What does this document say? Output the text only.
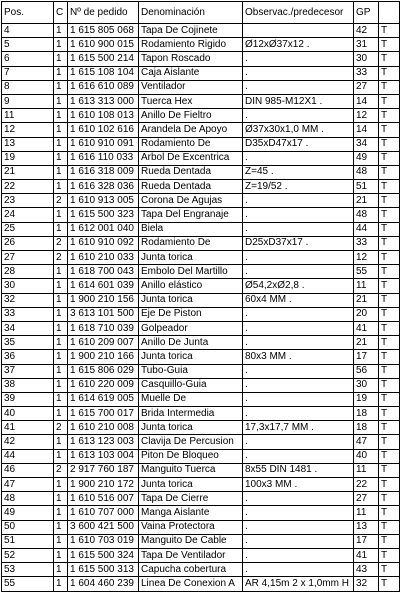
Pos.	C	Nº de pedido	Denominación	Observac./predecesor	GP	
4	1	1 615 805 068	Tapa De Cojinete		42	T
5	1	1 610 900 015	Rodamiento Rigido	Ø12xØ37x12 .	31	T
6	1	1 615 500 214	Tapon Roscado	.	30	T
7	1	1 615 108 104	Caja Aislante	.	33	T
8	1	1 616 610 089	Ventilador	.	27	T
9	1	1 613 313 000	Tuerca Hex	DIN 985-M12X1 .	14	T
11	1	1 610 108 013	Anillo De Fieltro	.	12	T
12	1	1 610 102 616	Arandela De Apoyo	Ø37x30x1,0 MM .	14	T
13	1	1 610 910 091	Rodamiento De	D35xD47x17 .	34	T
19	1	1 616 110 033	Arbol De Excentrica	.	49	T
21	1	1 616 318 009	Rueda Dentada	Z=45 .	48	T
22	1	1 616 328 036	Rueda Dentada	Z=19/52 .	51	T
23	2	1 610 913 005	Corona De Agujas	.	21	T
24	1	1 615 500 323	Tapa Del Engranaje	.	48	T
25	1	1 612 001 040	Biela	.	44	T
26	2	1 610 910 092	Rodamiento De	D25xD37x17 .	33	T
27	2	1 610 210 033	Junta torica	.	12	T
28	1	1 618 700 043	Embolo Del Martillo	.	55	T
30	1	1 614 601 039	Anillo elástico	Ø54,2xØ2,8 .	11	T
32	1	1 900 210 156	Junta torica	60x4 MM .	21	T
33	1	3 613 101 500	Eje De Piston	.	20	T
34	1	1 618 710 039	Golpeador	.	41	T
35	1	1 610 209 007	Anillo De Junta	.	21	T
36	1	1 900 210 166	Junta torica	80x3 MM .	17	T
37	1	1 615 806 029	Tubo-Guia	.	56	T
38	1	1 610 220 009	Casquillo-Guia	.	30	T
39	1	1 614 619 005	Muelle De	.	19	T
40	1	1 615 700 017	Brida Intermedia	.	18	T
41	2	1 610 210 008	Junta torica	17,3x17,7 MM .	18	T
42	1	1 613 123 003	Clavija De Percusion	.	47	T
44	1	1 613 103 004	Piton De Bloqueo	.	40	T
46	2	2 917 760 187	Manguito Tuerca	8x55 DIN 1481 .	11	T
47	1	1 900 210 172	Junta torica	100x3 MM .	22	T
48	1	1 610 516 007	Tapa De Cierre	.	27	T
49	1	1 610 707 000	Manga Aislante	.	11	T
50	1	3 600 421 500	Vaina Protectora	.	13	T
51	1	1 610 703 019	Manguito De Cable	.	17	T
52	1	1 615 500 324	Tapa De Ventilador	.	41	T
53	1	1 615 500 313	Capucha cobertura	.	43	T
55	1	1 604 460 239	Linea De Conexion A	AR 4,15m 2 x 1,0mm H	32	T
